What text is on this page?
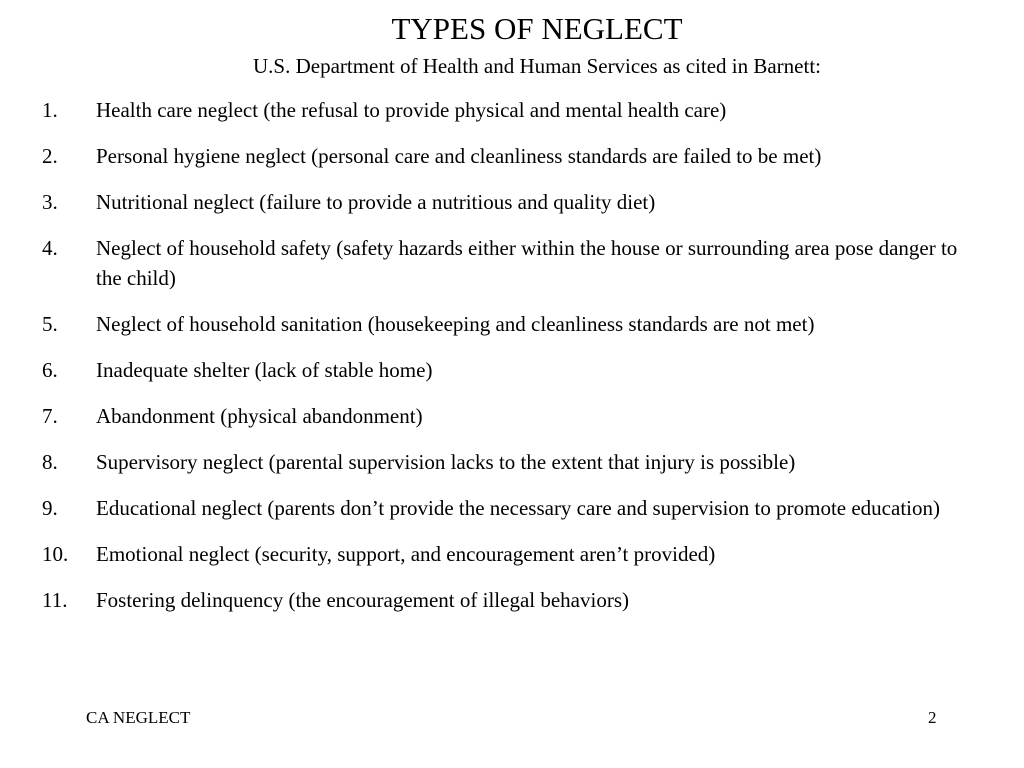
TYPES OF NEGLECT
U.S. Department of Health and Human Services as cited in Barnett:
1.	Health care neglect (the refusal to provide physical and mental health care)
2.	Personal hygiene neglect (personal care and cleanliness standards are failed to be met)
3.	Nutritional neglect (failure to provide a nutritious and quality diet)
4.	Neglect of household safety (safety hazards either within the house or surrounding area pose danger to the child)
5.	Neglect of household sanitation (housekeeping and cleanliness standards are not met)
6.	Inadequate shelter (lack of stable home)
7.	Abandonment (physical abandonment)
8.	Supervisory neglect (parental supervision lacks to the extent that injury is possible)
9.	Educational neglect (parents don’t provide the necessary care and supervision to promote education)
10.	Emotional neglect (security, support, and encouragement aren’t provided)
11.	Fostering delinquency (the encouragement of illegal behaviors)
CA NEGLECT	2
